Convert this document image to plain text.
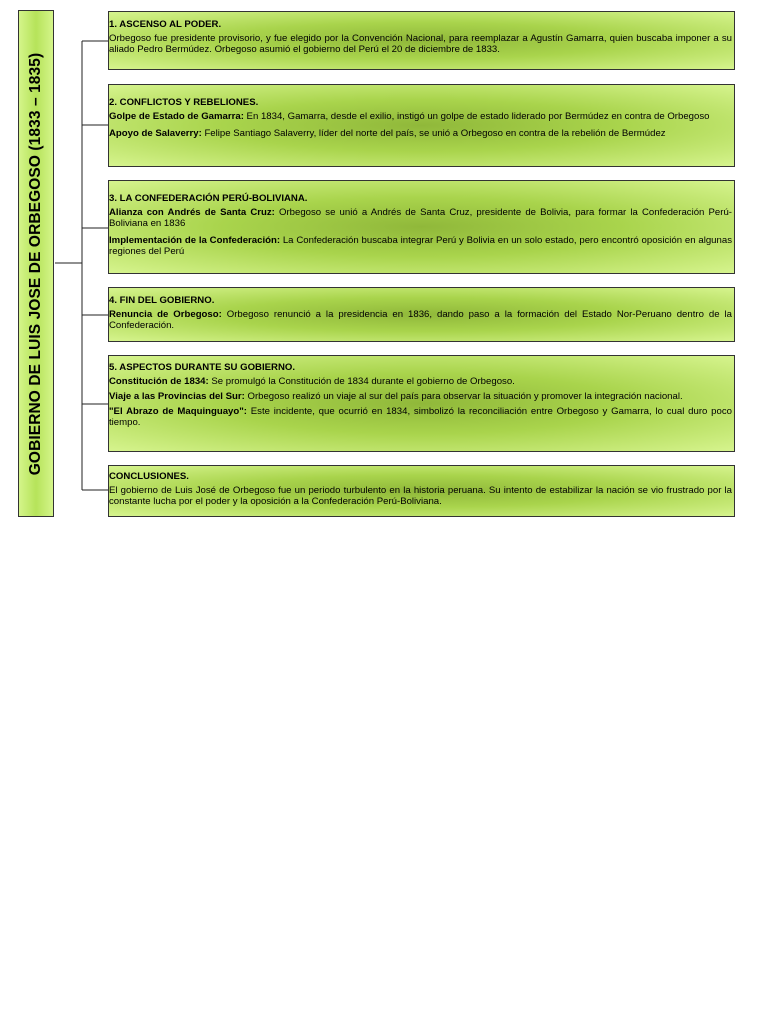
GOBIERNO DE LUIS JOSE DE ORBEGOSO (1833 – 1835)
1. ASCENSO AL PODER.

Orbegoso fue presidente provisorio, y fue elegido por la Convención Nacional, para reemplazar a Agustín Gamarra, quien buscaba imponer a su aliado Pedro Bermúdez. Orbegoso asumió el gobierno del Perú el 20 de diciembre de 1833.

2. CONFLICTOS Y REBELIONES.

Golpe de Estado de Gamarra: En 1834, Gamarra, desde el exilio, instigó un golpe de estado liderado por Bermúdez en contra de Orbegoso

Apoyo de Salaverry: Felipe Santiago Salaverry, líder del norte del país, se unió a Orbegoso en contra de la rebelión de Bermúdez

3. LA CONFEDERACIÓN PERÚ-BOLIVIANA.

Alianza con Andrés de Santa Cruz: Orbegoso se unió a Andrés de Santa Cruz, presidente de Bolivia, para formar la Confederación Perú-Boliviana en 1836

Implementación de la Confederación: La Confederación buscaba integrar Perú y Bolivia en un solo estado, pero encontró oposición en algunas regiones del Perú

4. FIN DEL GOBIERNO.

Renuncia de Orbegoso: Orbegoso renunció a la presidencia en 1836, dando paso a la formación del Estado Nor-Peruano dentro de la Confederación.

5. ASPECTOS DURANTE SU GOBIERNO.

Constitución de 1834: Se promulgó la Constitución de 1834 durante el gobierno de Orbegoso.

Viaje a las Provincias del Sur: Orbegoso realizó un viaje al sur del país para observar la situación y promover la integración nacional.

"El Abrazo de Maquinguayo": Este incidente, que ocurrió en 1834, simbolizó la reconciliación entre Orbegoso y Gamarra, lo cual duro poco tiempo.

CONCLUSIONES.

El gobierno de Luis José de Orbegoso fue un periodo turbulento en la historia peruana. Su intento de estabilizar la nación se vio frustrado por la constante lucha por el poder y la oposición a la Confederación Perú-Boliviana.
